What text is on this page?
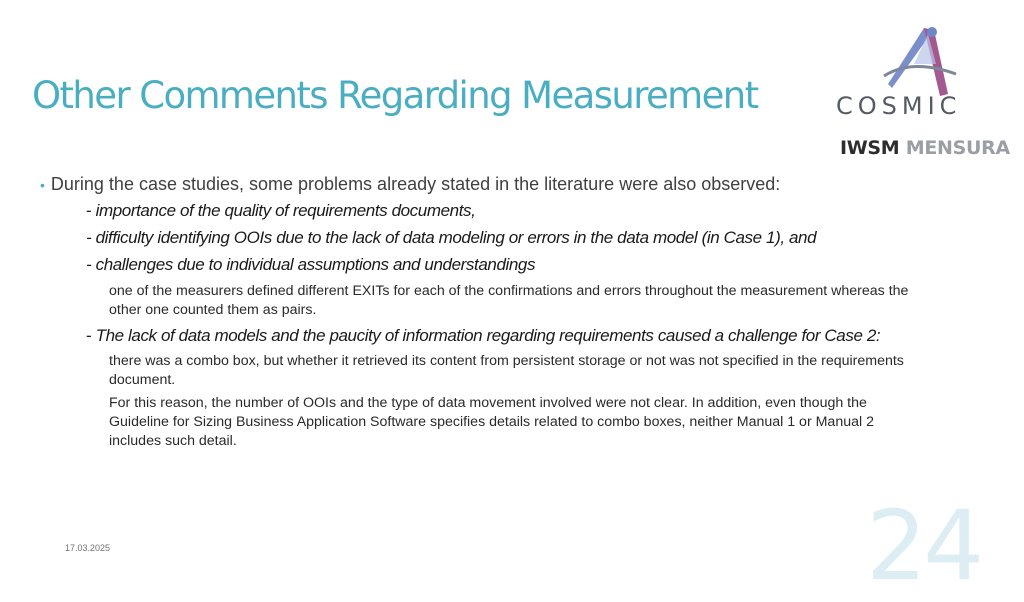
Other Comments Regarding Measurement	COSMIC
IWSM MENSURA
• During the case studies, some problems already stated in the literature were also observed:
- importance of the quality of requirements documents,
- difficulty identifying OOIs due to the lack of data modeling or errors in the data model (in Case 1), and
- challenges due to individual assumptions and understandings
one of the measurers defined different EXITs for each of the confirmations and errors throughout the measurement whereas the other one counted them as pairs.
- The lack of data models and the paucity of information regarding requirements caused a challenge for Case 2:
there was a combo box, but whether it retrieved its content from persistent storage or not was not specified in the requirements document.
For this reason, the number of OOIs and the type of data movement involved were not clear. In addition, even though the Guideline for Sizing Business Application Software specifies details related to combo boxes, neither Manual 1 or Manual 2 includes such detail.
17.03.2025	24
